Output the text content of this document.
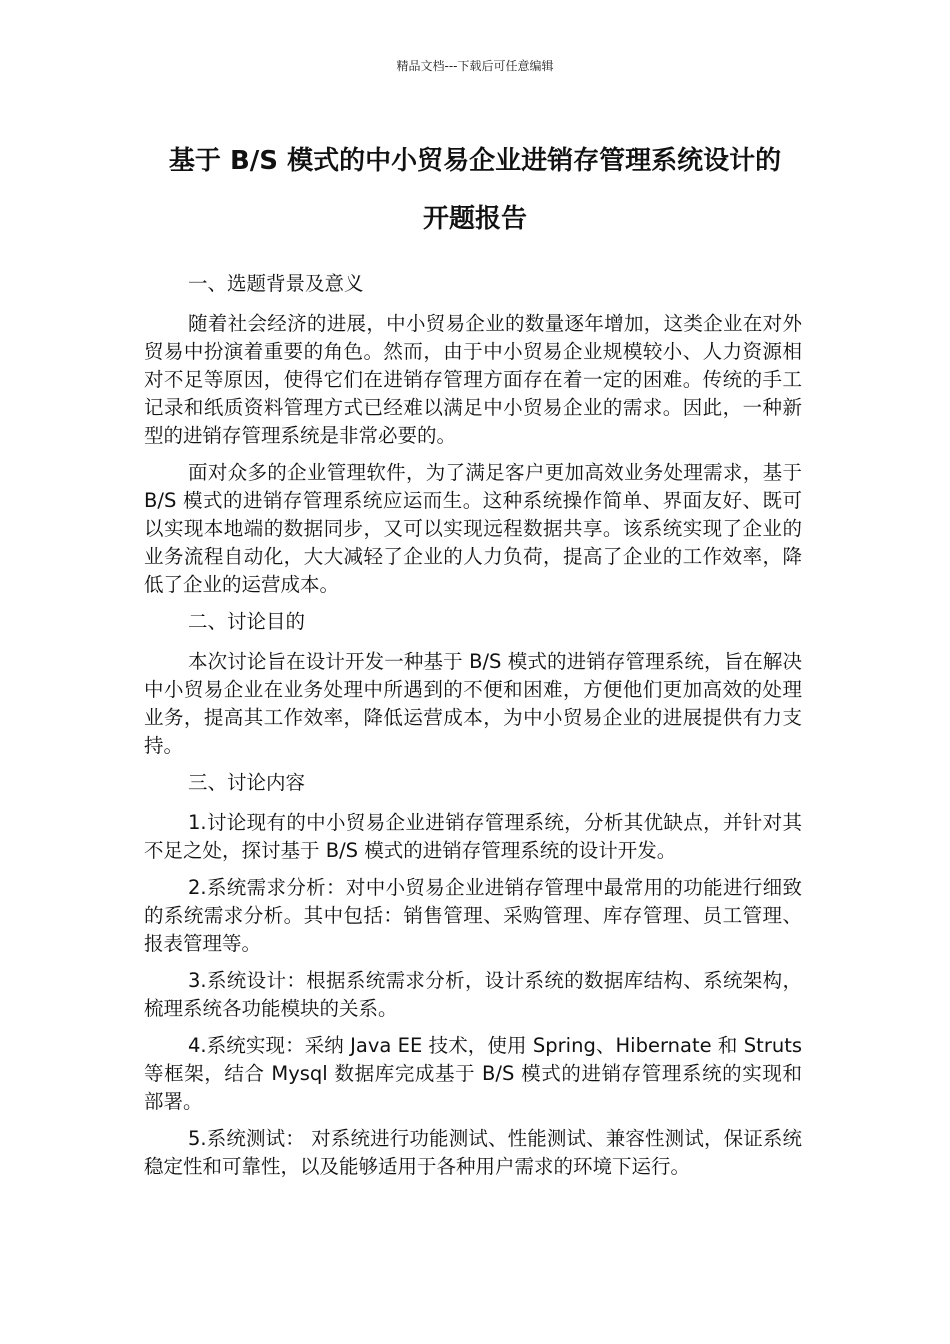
精品文档---下载后可任意编辑
基于 B/S 模式的中小贸易企业进销存管理系统设计的
开题报告

一、选题背景及意义

随着社会经济的进展，中小贸易企业的数量逐年增加，这类企业在对外贸易中扮演着重要的角色。然而，由于中小贸易企业规模较小、人力资源相对不足等原因，使得它们在进销存管理方面存在着一定的困难。传统的手工记录和纸质资料管理方式已经难以满足中小贸易企业的需求。因此，一种新型的进销存管理系统是非常必要的。

面对众多的企业管理软件，为了满足客户更加高效业务处理需求，基于 B/S 模式的进销存管理系统应运而生。这种系统操作简单、界面友好、既可以实现本地端的数据同步，又可以实现远程数据共享。该系统实现了企业的业务流程自动化，大大减轻了企业的人力负荷，提高了企业的工作效率，降低了企业的运营成本。

二、讨论目的

本次讨论旨在设计开发一种基于 B/S 模式的进销存管理系统，旨在解决中小贸易企业在业务处理中所遇到的不便和困难，方便他们更加高效的处理业务，提高其工作效率，降低运营成本，为中小贸易企业的进展提供有力支持。

三、讨论内容

1.讨论现有的中小贸易企业进销存管理系统，分析其优缺点，并针对其不足之处，探讨基于 B/S 模式的进销存管理系统的设计开发。

2.系统需求分析：对中小贸易企业进销存管理中最常用的功能进行细致的系统需求分析。其中包括：销售管理、采购管理、库存管理、员工管理、报表管理等。

3.系统设计：根据系统需求分析，设计系统的数据库结构、系统架构，梳理系统各功能模块的关系。

4.系统实现：采纳 Java EE 技术，使用 Spring、Hibernate 和 Struts 等框架，结合 Mysql 数据库完成基于 B/S 模式的进销存管理系统的实现和部署。

5.系统测试： 对系统进行功能测试、性能测试、兼容性测试，保证系统稳定性和可靠性，以及能够适用于各种用户需求的环境下运行。
